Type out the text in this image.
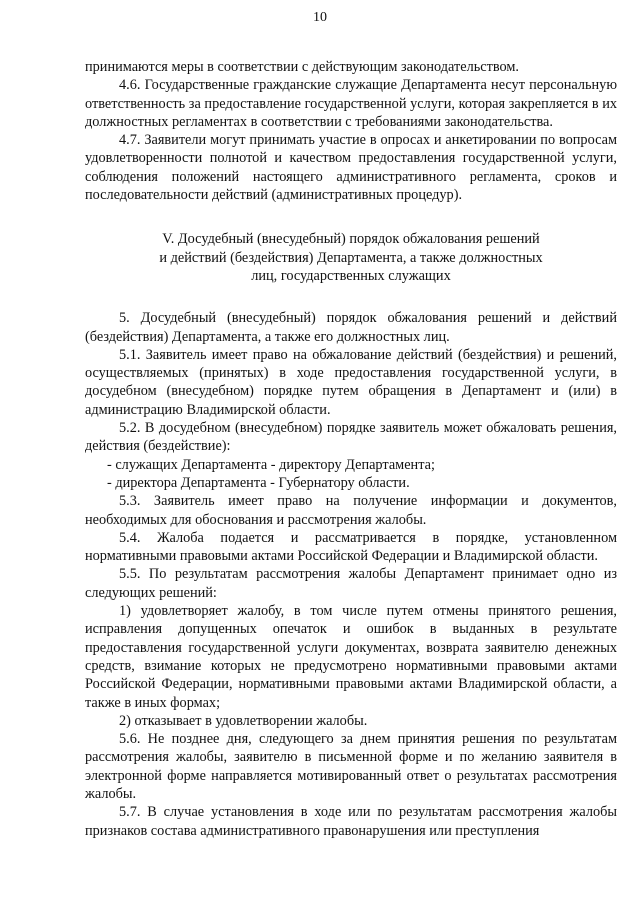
10

принимаются меры в соответствии с действующим законодательством.

4.6. Государственные гражданские служащие Департамента несут персональную ответственность за предоставление государственной услуги, которая закрепляется в их должностных регламентах в соответствии с требованиями законодательства.

4.7. Заявители могут принимать участие в опросах и анкетировании по вопросам удовлетворенности полнотой и качеством предоставления государственной услуги, соблюдения положений настоящего административного регламента, сроков и последовательности действий (административных процедур).

V. Досудебный (внесудебный) порядок обжалования решений
и действий (бездействия) Департамента, а также должностных
лиц, государственных служащих

5. Досудебный (внесудебный) порядок обжалования решений и действий (бездействия) Департамента, а также его должностных лиц.

5.1. Заявитель имеет право на обжалование действий (бездействия) и решений, осуществляемых (принятых) в ходе предоставления государственной услуги, в досудебном (внесудебном) порядке путем обращения в Департамент и (или) в администрацию Владимирской области.

5.2. В досудебном (внесудебном) порядке заявитель может обжаловать решения, действия (бездействие):

- служащих Департамента - директору Департамента;

- директора Департамента - Губернатору области.

5.3. Заявитель имеет право на получение информации и документов, необходимых для обоснования и рассмотрения жалобы.

5.4. Жалоба подается и рассматривается в порядке, установленном нормативными правовыми актами Российской Федерации и Владимирской области.

5.5. По результатам рассмотрения жалобы Департамент принимает одно из следующих решений:

1) удовлетворяет жалобу, в том числе путем отмены принятого решения, исправления допущенных опечаток и ошибок в выданных в результате предоставления государственной услуги документах, возврата заявителю денежных средств, взимание которых не предусмотрено нормативными правовыми актами Российской Федерации, нормативными правовыми актами Владимирской области, а также в иных формах;

2) отказывает в удовлетворении жалобы.

5.6. Не позднее дня, следующего за днем принятия решения по результатам рассмотрения жалобы, заявителю в письменной форме и по желанию заявителя в электронной форме направляется мотивированный ответ о результатах рассмотрения жалобы.

5.7. В случае установления в ходе или по результатам рассмотрения жалобы признаков состава административного правонарушения или преступления
